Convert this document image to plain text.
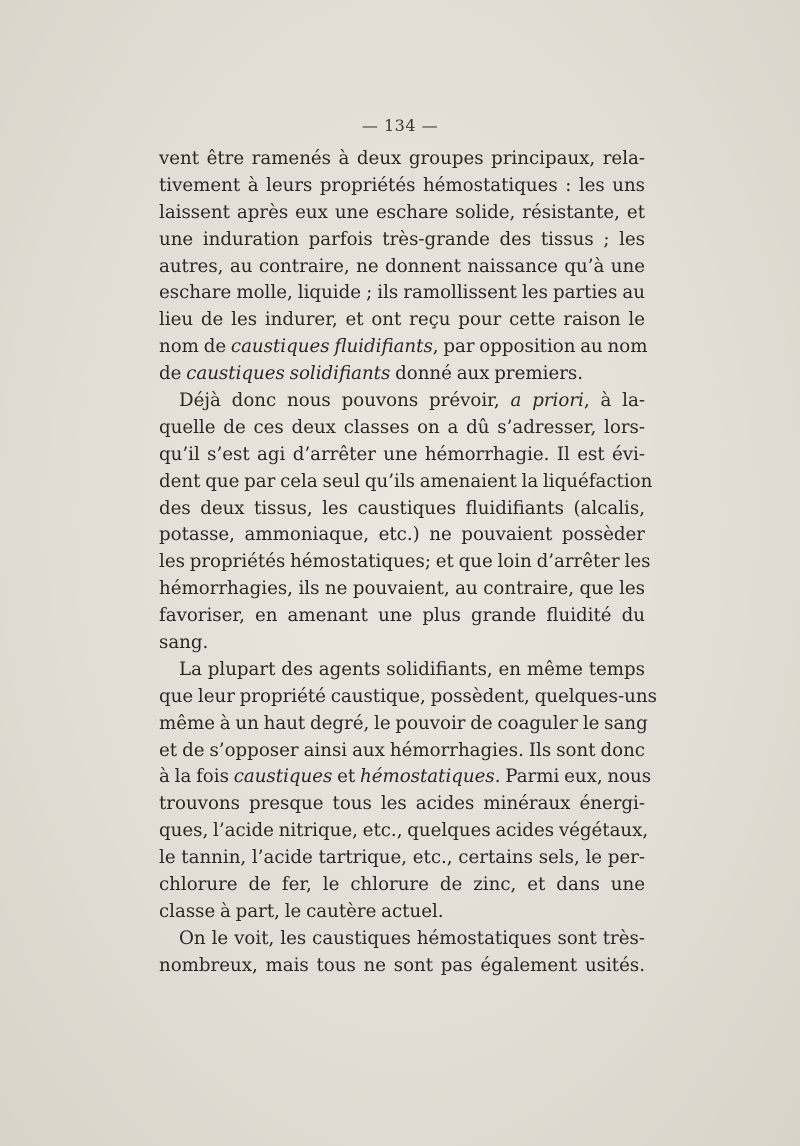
— 134 —
vent être ramenés à deux groupes principaux, rela-
tivement à leurs propriétés hémostatiques : les uns
laissent après eux une eschare solide, résistante, et
une induration parfois très-grande des tissus ; les
autres, au contraire, ne donnent naissance qu’à une
eschare molle, liquide ; ils ramollissent les parties au
lieu de les indurer, et ont reçu pour cette raison le
nom de caustiques fluidifiants, par opposition au nom
de caustiques solidifiants donné aux premiers.
Déjà donc nous pouvons prévoir, a priori, à la-
quelle de ces deux classes on a dû s’adresser, lors-
qu’il s’est agi d’arrêter une hémorrhagie. Il est évi-
dent que par cela seul qu’ils amenaient la liquéfaction
des deux tissus, les caustiques fluidifiants (alcalis,
potasse, ammoniaque, etc.) ne pouvaient possèder
les propriétés hémostatiques; et que loin d’arrêter les
hémorrhagies, ils ne pouvaient, au contraire, que les
favoriser, en amenant une plus grande fluidité du
sang.
La plupart des agents solidifiants, en même temps
que leur propriété caustique, possèdent, quelques-uns
même à un haut degré, le pouvoir de coaguler le sang
et de s’opposer ainsi aux hémorrhagies. Ils sont donc
à la fois caustiques et hémostatiques. Parmi eux, nous
trouvons presque tous les acides minéraux énergi-
ques, l’acide nitrique, etc., quelques acides végétaux,
le tannin, l’acide tartrique, etc., certains sels, le per-
chlorure de fer, le chlorure de zinc, et dans une
classe à part, le cautère actuel.
On le voit, les caustiques hémostatiques sont très-
nombreux, mais tous ne sont pas également usités.
